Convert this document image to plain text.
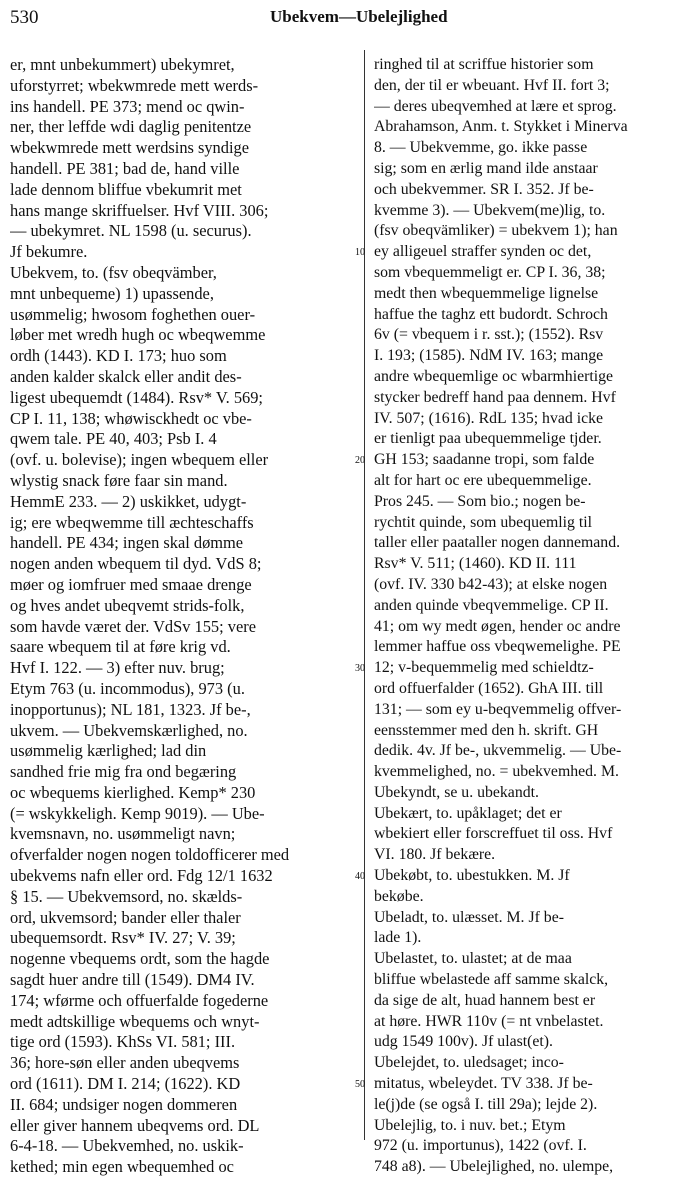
530	Ubekvem—Ubelejlighed
er, mnt unbekummert) ubekymret,
uforstyrret; wbekwmrede mett werds-
ins handell. PE 373; mend oc qwin-
ner, ther leffde wdi daglig penitentze
wbekwmrede mett werdsins syndige
handell. PE 381; bad de, hand ville
lade dennom bliffue vbekumrit met
hans mange skriffuelser. Hvf VIII. 306;
— ubekymret. NL 1598 (u. securus).
Jf bekumre.
Ubekvem, to. (fsv obeqvämber,
mnt unbequeme) 1) upassende,
usømmelig; hwosom foghethen ouer-
løber met wredh hugh oc wbeqwemme
ordh (1443). KD I. 173; huo som
anden kalder skalck eller andit des-
ligest ubequemdt (1484). Rsv* V. 569;
CP I. 11, 138; whøwisckhedt oc vbe-
qwem tale. PE 40, 403; Psb I. 4
(ovf. u. bolevise); ingen wbequem eller
wlystig snack føre faar sin mand.
HemmE 233. — 2) uskikket, udygt-
ig; ere wbeqwemme till æchteschaffs
handell. PE 434; ingen skal dømme
nogen anden wbequem til dyd. VdS 8;
møer og iomfruer med smaae drenge
og hves andet ubeqvemt strids-folk,
som havde været der. VdSv 155; vere
saare wbequem til at føre krig vd.
Hvf I. 122. — 3) efter nuv. brug;
Etym 763 (u. incommodus), 973 (u.
inopportunus); NL 181, 1323. Jf be-,
ukvem. — Ubekvemskærlighed, no.
usømmelig kærlighed; lad din
sandhed frie mig fra ond begæring
oc wbequems kierlighed. Kemp* 230
(= wskykkeligh. Kemp 9019). — Ube-
kvemsnavn, no. usømmeligt navn;
ofverfalder nogen nogen toldofficerer med
ubekvems nafn eller ord. Fdg 12/1 1632
§ 15. — Ubekvemsord, no. skælds-
ord, ukvemsord; bander eller thaler
ubequemsordt. Rsv* IV. 27; V. 39;
nogenne vbequems ordt, som the hagde
sagdt huer andre till (1549). DM4 IV.
174; wførme och offuerfalde fogederne
medt adtskillige wbequems och wnyt-
tige ord (1593). KhSs VI. 581; III.
36; hore-søn eller anden ubeqvems
ord (1611). DM I. 214; (1622). KD
II. 684; undsiger nogen dommeren
eller giver hannem ubeqvems ord. DL
6-4-18. — Ubekvemhed, no. uskik-
kethed; min egen wbequemhed oc
ringhed til at scriffue historier som
den, der til er wbeuant. Hvf II. fort 3;
— deres ubeqvemhed at lære et sprog.
Abrahamson, Anm. t. Stykket i Minerva
8. — Ubekvemme, go. ikke passe
sig; som en ærlig mand ilde anstaar
och ubekvemmer. SR I. 352. Jf be-
kvemme 3). — Ubekvem(me)lig, to.
(fsv obeqvämliker) = ubekvem 1); han
ey alligeuel straffer synden oc det,
som vbequemmeligt er. CP I. 36, 38;
medt then wbequemmelige lignelse
haffue the taghz ett budordt. Schroch
6v (= vbequem i r. sst.); (1552). Rsv
I. 193; (1585). NdM IV. 163; mange
andre wbequemlige oc wbarmhiertige
stycker bedreff hand paa dennem. Hvf
IV. 507; (1616). RdL 135; hvad icke
er tienligt paa ubequemmelige tjder.
GH 153; saadanne tropi, som falde
alt for hart oc ere ubequemmelige.
Pros 245. — Som bio.; nogen be-
rychtit quinde, som ubequemlig til
taller eller paataller nogen dannemand.
Rsv* V. 511; (1460). KD II. 111
(ovf. IV. 330 b42-43); at elske nogen
anden quinde vbeqvemmelige. CP II.
41; om wy medt øgen, hender oc andre
lemmer haffue oss vbeqwemelighe. PE
12; v-bequemmelig med schieldtz-
ord offuerfalder (1652). GhA III. till
131; — som ey u-beqvemmelig offver-
eensstemmer med den h. skrift. GH
dedik. 4v. Jf be-, ukvemmelig. — Ube-
kvemmelighed, no. = ubekvemhed. M.
Ubekyndt, se u. ubekandt.
Ubekært, to. upåklaget; det er
wbekiert eller forscreffuet til oss. Hvf
VI. 180. Jf bekære.
Ubekøbt, to. ubestukken. M. Jf
bekøbe.
Ubeladt, to. ulæsset. M. Jf be-
lade 1).
Ubelastet, to. ulastet; at de maa
bliffue wbelastede aff samme skalck,
da sige de alt, huad hannem best er
at høre. HWR 110v (= nt vnbelastet.
udg 1549 100v). Jf ulast(et).
Ubelejdet, to. uledsaget; inco-
mitatus, wbeleydet. TV 338. Jf be-
le(j)de (se også I. till 29a); lejde 2).
Ubelejlig, to. i nuv. bet.; Etym
972 (u. importunus), 1422 (ovf. I.
748 a8). — Ubelejlighed, no. ulempe,
10
20
30
40
50
